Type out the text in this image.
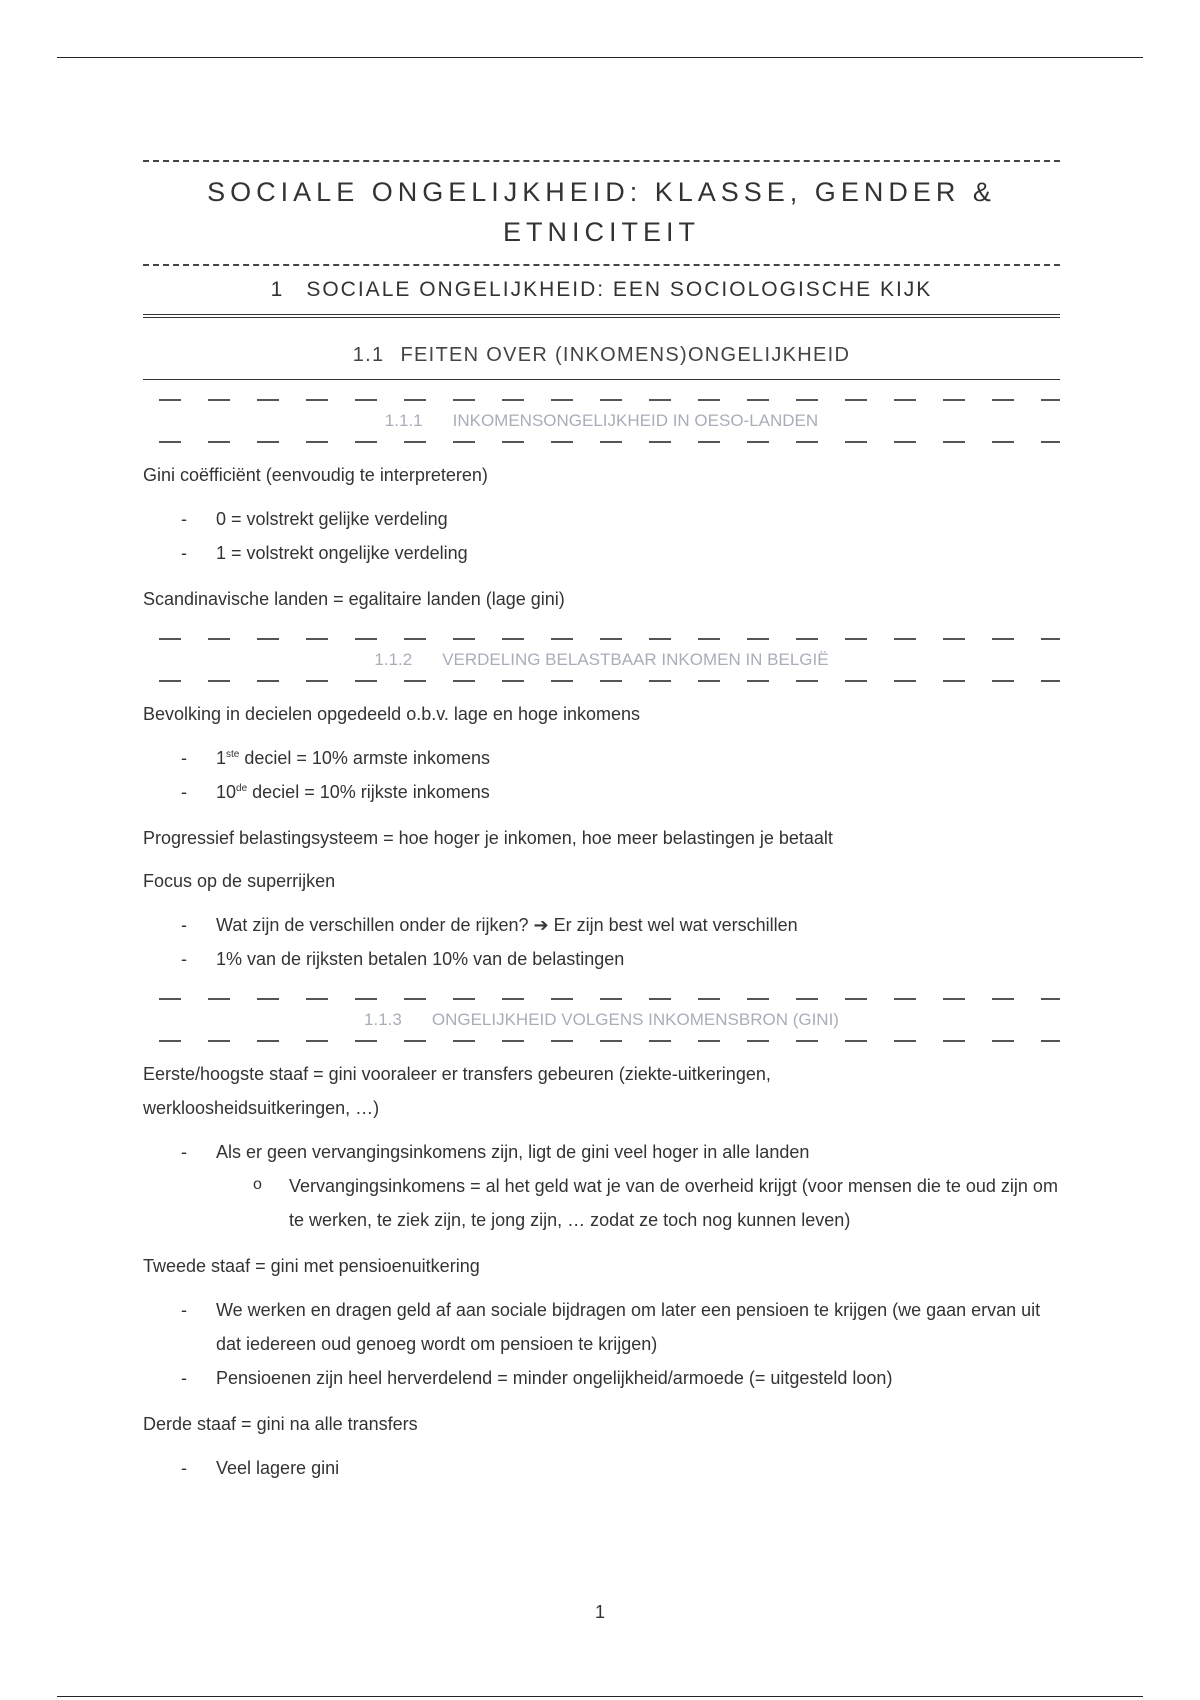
SOCIALE ONGELIJKHEID: KLASSE, GENDER &
ETNICITEIT
1 SOCIALE ONGELIJKHEID: EEN SOCIOLOGISCHE KIJK
1.1 FEITEN OVER (INKOMENS)ONGELIJKHEID
1.1.1 INKOMENSONGELIJKHEID IN OESO-LANDEN
Gini coëfficiënt (eenvoudig te interpreteren)
- 0 = volstrekt gelijke verdeling
- 1 = volstrekt ongelijke verdeling
Scandinavische landen = egalitaire landen (lage gini)
1.1.2 VERDELING BELASTBAAR INKOMEN IN BELGIË
Bevolking in decielen opgedeeld o.b.v. lage en hoge inkomens
- 1ste deciel = 10% armste inkomens
- 10de deciel = 10% rijkste inkomens
Progressief belastingsysteem = hoe hoger je inkomen, hoe meer belastingen je betaalt
Focus op de superrijken
- Wat zijn de verschillen onder de rijken? ➔ Er zijn best wel wat verschillen
- 1% van de rijksten betalen 10% van de belastingen
1.1.3 ONGELIJKHEID VOLGENS INKOMENSBRON (GINI)
Eerste/hoogste staaf = gini vooraleer er transfers gebeuren (ziekte-uitkeringen,
werkloosheidsuitkeringen, …)
- Als er geen vervangingsinkomens zijn, ligt de gini veel hoger in alle landen
o Vervangingsinkomens = al het geld wat je van de overheid krijgt (voor mensen die te oud zijn om te werken, te ziek zijn, te jong zijn, … zodat ze toch nog kunnen leven)
Tweede staaf = gini met pensioenuitkering
- We werken en dragen geld af aan sociale bijdragen om later een pensioen te krijgen (we gaan ervan uit dat iedereen oud genoeg wordt om pensioen te krijgen)
- Pensioenen zijn heel herverdelend = minder ongelijkheid/armoede (= uitgesteld loon)
Derde staaf = gini na alle transfers
- Veel lagere gini
1
